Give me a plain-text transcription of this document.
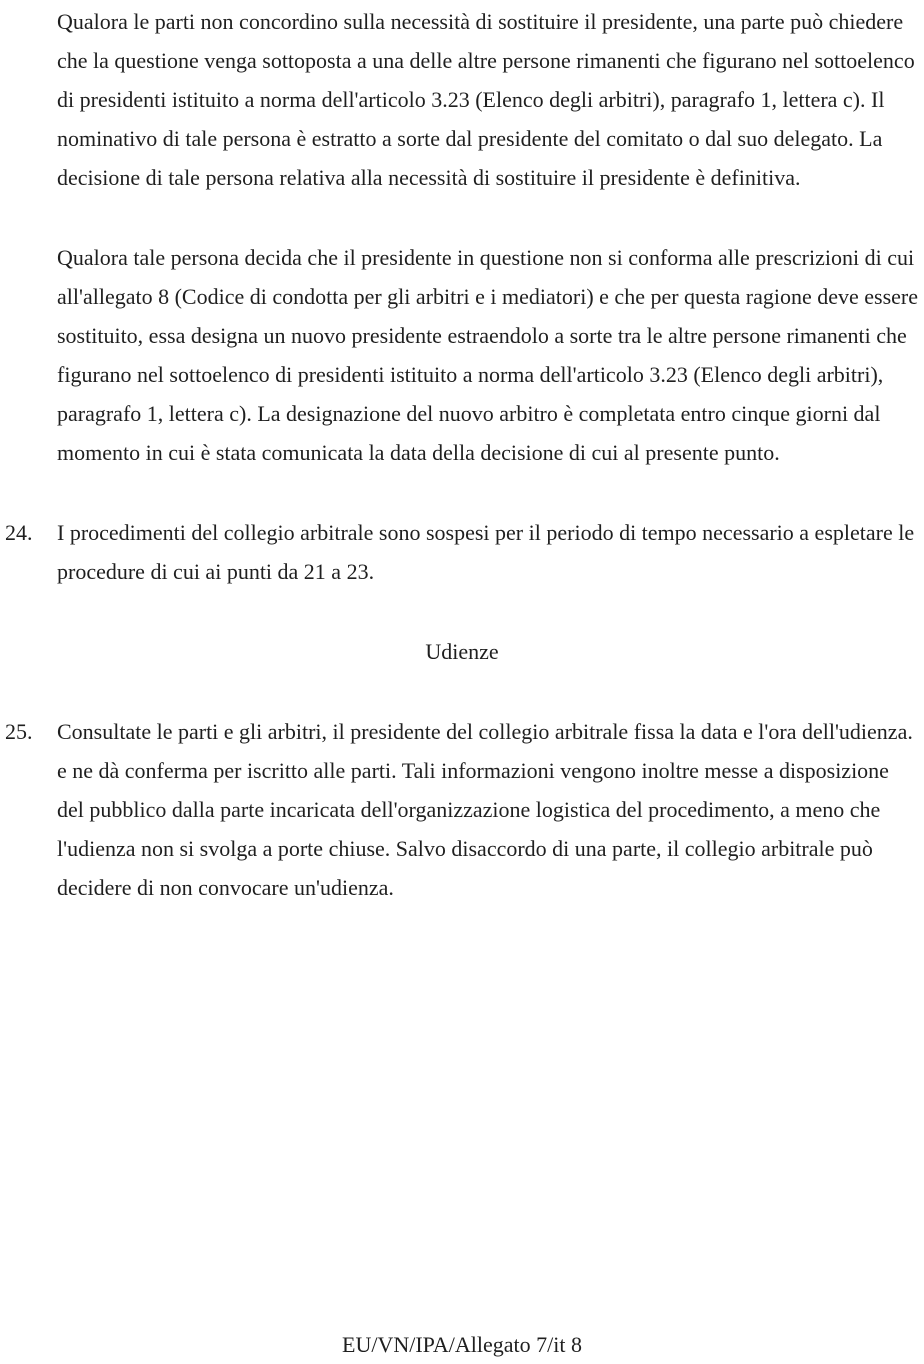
Qualora le parti non concordino sulla necessità di sostituire il presidente, una parte può chiedere che la questione venga sottoposta a una delle altre persone rimanenti che figurano nel sottoelenco di presidenti istituito a norma dell'articolo 3.23 (Elenco degli arbitri), paragrafo 1, lettera c). Il nominativo di tale persona è estratto a sorte dal presidente del comitato o dal suo delegato. La decisione di tale persona relativa alla necessità di sostituire il presidente è definitiva.

Qualora tale persona decida che il presidente in questione non si conforma alle prescrizioni di cui all'allegato 8 (Codice di condotta per gli arbitri e i mediatori) e che per questa ragione deve essere sostituito, essa designa un nuovo presidente estraendolo a sorte tra le altre persone rimanenti che figurano nel sottoelenco di presidenti istituito a norma dell'articolo 3.23 (Elenco degli arbitri), paragrafo 1, lettera c). La designazione del nuovo arbitro è completata entro cinque giorni dal momento in cui è stata comunicata la data della decisione di cui al presente punto.

24.	I procedimenti del collegio arbitrale sono sospesi per il periodo di tempo necessario a espletare le procedure di cui ai punti da 21 a 23.

Udienze
25.	Consultate le parti e gli arbitri, il presidente del collegio arbitrale fissa la data e l'ora dell'udienza. e ne dà conferma per iscritto alle parti. Tali informazioni vengono inoltre messe a disposizione del pubblico dalla parte incaricata dell'organizzazione logistica del procedimento, a meno che l'udienza non si svolga a porte chiuse. Salvo disaccordo di una parte, il collegio arbitrale può decidere di non convocare un'udienza.

EU/VN/IPA/Allegato 7/it 8
